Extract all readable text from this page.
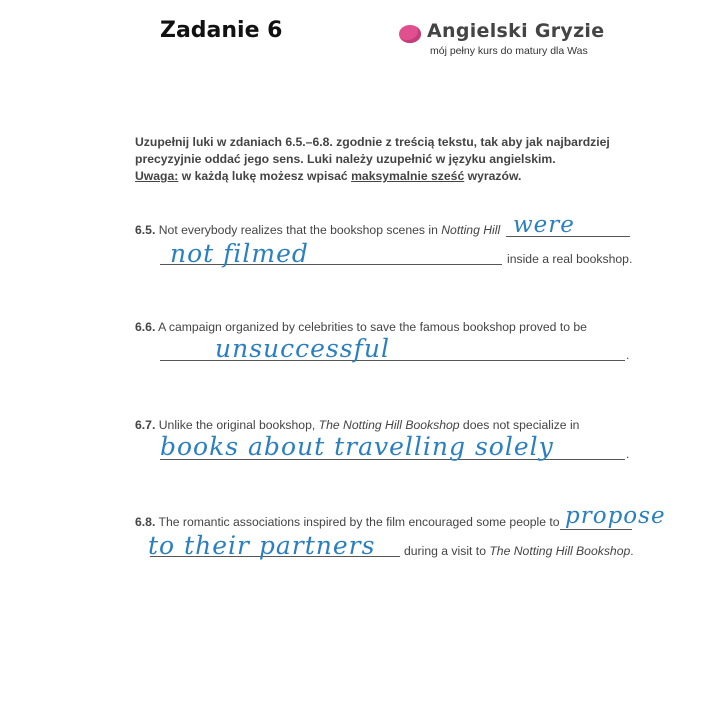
Zadanie 6	Angielski Gryzie
mój pełny kurs do matury dla Was
Uzupełnij luki w zdaniach 6.5.–6.8. zgodnie z treścią tekstu, tak aby jak najbardziej
precyzyjnie oddać jego sens. Luki należy uzupełnić w języku angielskim.
Uwaga: w każdą lukę możesz wpisać maksymalnie sześć wyrazów.
6.5. Not everybody realizes that the bookshop scenes in Notting Hill were
not filmed	inside a real bookshop.
6.6. A campaign organized by celebrities to save the famous bookshop proved to be
.
unsuccessful
6.7. Unlike the original bookshop, The Notting Hill Bookshop does not specialize in
.
books about travelling solely
6.8. The romantic associations inspired by the film encouraged some people to propose
to their partners during a visit to The Notting Hill Bookshop.
